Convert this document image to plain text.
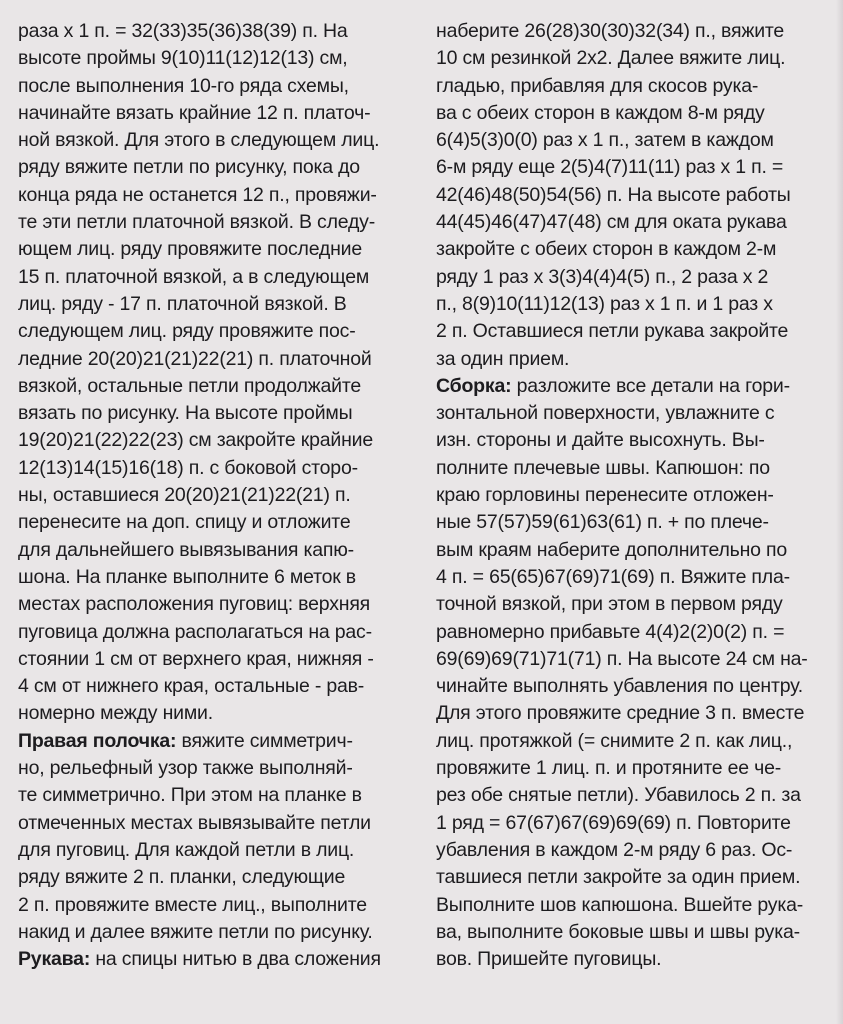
раза х 1 п. = 32(33)35(36)38(39) п. На
высоте проймы 9(10)11(12)12(13) см,
после выполнения 10-го ряда схемы,
начинайте вязать крайние 12 п. платоч-
ной вязкой. Для этого в следующем лиц.
ряду вяжите петли по рисунку, пока до
конца ряда не останется 12 п., провяжи-
те эти петли платочной вязкой. В следу-
ющем лиц. ряду провяжите последние
15 п. платочной вязкой, а в следующем
лиц. ряду - 17 п. платочной вязкой. В
следующем лиц. ряду провяжите пос-
ледние 20(20)21(21)22(21) п. платочной
вязкой, остальные петли продолжайте
вязать по рисунку. На высоте проймы
19(20)21(22)22(23) см закройте крайние
12(13)14(15)16(18) п. с боковой сторо-
ны, оставшиеся 20(20)21(21)22(21) п.
перенесите на доп. спицу и отложите
для дальнейшего вывязывания капю-
шона. На планке выполните 6 меток в
местах расположения пуговиц: верхняя
пуговица должна располагаться на рас-
стоянии 1 см от верхнего края, нижняя -
4 см от нижнего края, остальные - рав-
номерно между ними.
Правая полочка: вяжите симметрич-
но, рельефный узор также выполняй-
те симметрично. При этом на планке в
отмеченных местах вывязывайте петли
для пуговиц. Для каждой петли в лиц.
ряду вяжите 2 п. планки, следующие
2 п. провяжите вместе лиц., выполните
накид и далее вяжите петли по рисунку.
Рукава: на спицы нитью в два сложения
наберите 26(28)30(30)32(34) п., вяжите
10 см резинкой 2х2. Далее вяжите лиц.
гладью, прибавляя для скосов рука-
ва с обеих сторон в каждом 8-м ряду
6(4)5(3)0(0) раз х 1 п., затем в каждом
6-м ряду еще 2(5)4(7)11(11) раз х 1 п. =
42(46)48(50)54(56) п. На высоте работы
44(45)46(47)47(48) см для оката рукава
закройте с обеих сторон в каждом 2-м
ряду 1 раз х 3(3)4(4)4(5) п., 2 раза х 2
п., 8(9)10(11)12(13) раз х 1 п. и 1 раз х
2 п. Оставшиеся петли рукава закройте
за один прием.
Сборка: разложите все детали на гори-
зонтальной поверхности, увлажните с
изн. стороны и дайте высохнуть. Вы-
полните плечевые швы. Капюшон: по
краю горловины перенесите отложен-
ные 57(57)59(61)63(61) п. + по плече-
вым краям наберите дополнительно по
4 п. = 65(65)67(69)71(69) п. Вяжите пла-
точной вязкой, при этом в первом ряду
равномерно прибавьте 4(4)2(2)0(2) п. =
69(69)69(71)71(71) п. На высоте 24 см на-
чинайте выполнять убавления по центру.
Для этого провяжите средние 3 п. вместе
лиц. протяжкой (= снимите 2 п. как лиц.,
провяжите 1 лиц. п. и протяните ее че-
рез обе снятые петли). Убавилось 2 п. за
1 ряд = 67(67)67(69)69(69) п. Повторите
убавления в каждом 2-м ряду 6 раз. Ос-
тавшиеся петли закройте за один прием.
Выполните шов капюшона. Вшейте рука-
ва, выполните боковые швы и швы рука-
вов. Пришейте пуговицы.
